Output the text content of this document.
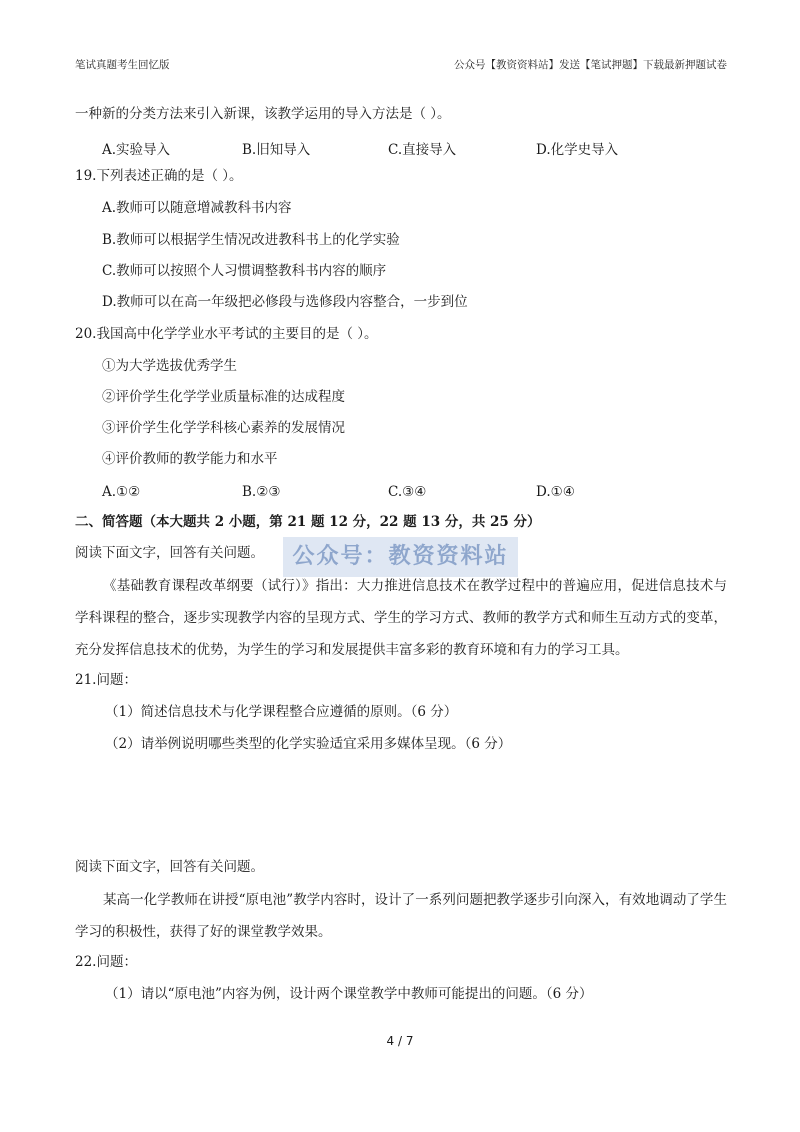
笔试真题考生回忆版	公众号【教资资料站】发送【笔试押题】下载最新押题试卷
一种新的分类方法来引入新课，该教学运用的导入方法是（ ）。
A.实验导入	B.旧知导入	C.直接导入	D.化学史导入
19.下列表述正确的是（ ）。
A.教师可以随意增减教科书内容
B.教师可以根据学生情况改进教科书上的化学实验
C.教师可以按照个人习惯调整教科书内容的顺序
D.教师可以在高一年级把必修段与选修段内容整合，一步到位
20.我国高中化学学业水平考试的主要目的是（ ）。
①为大学选拔优秀学生
②评价学生化学学业质量标准的达成程度
③评价学生化学学科核心素养的发展情况
④评价教师的教学能力和水平
A.①②	B.②③	C.③④	D.①④
二、简答题（本大题共 2 小题，第 21 题 12 分，22 题 13 分，共 25 分）
阅读下面文字，回答有关问题。	公众号：教资资料站
《基础教育课程改革纲要（试行）》指出：大力推进信息技术在教学过程中的普遍应用，促进信息技术与学科课程的整合，逐步实现教学内容的呈现方式、学生的学习方式、教师的教学方式和师生互动方式的变革，充分发挥信息技术的优势，为学生的学习和发展提供丰富多彩的教育环境和有力的学习工具。
21.问题：
（1）简述信息技术与化学课程整合应遵循的原则。（6 分）
（2）请举例说明哪些类型的化学实验适宜采用多媒体呈现。（6 分）
阅读下面文字，回答有关问题。
某高一化学教师在讲授“原电池”教学内容时，设计了一系列问题把教学逐步引向深入，有效地调动了学生学习的积极性，获得了好的课堂教学效果。
22.问题：
（1）请以“原电池”内容为例，设计两个课堂教学中教师可能提出的问题。（6 分）
4 / 7
